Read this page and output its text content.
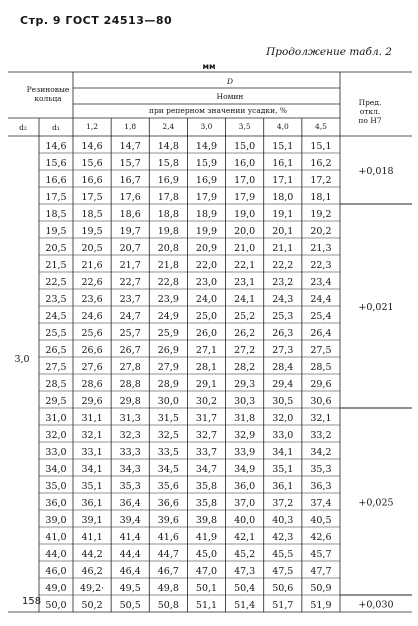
Стр. 9 ГОСТ 24513—80
Продолжение табл. 2
мм
Резиновые
кольца
d₂	d₁
D
Номин
при реперном значении усадки, %
Пред.
откл.
по H7
1,2	1,8	2,4	3,0	3,5	4,0	4,5
14,6 14,6 14,7 14,8 14,9 15,0 15,1 15,1
15,6 15,6 15,7 15,8 15,9 16,0 16,1 16,2
16,6 16,6 16,7 16,9 16,9 17,0 17,1 17,2
17,5 17,5 17,6 17,8 17,9 17,9 18,0 18,1
18,5 18,5 18,6 18,8 18,9 19,0 19,1 19,2
19,5 19,5 19,7 19,8 19,9 20,0 20,1 20,2
20,5 20,5 20,7 20,8 20,9 21,0 21,1 21,3
21,5 21,6 21,7 21,8 22,0 22,1 22,2 22,3
22,5 22,6 22,7 22,8 23,0 23,1 23,2 23,4
23,5 23,6 23,7 23,9 24,0 24,1 24,3 24,4
24,5 24,6 24,7 24,9 25,0 25,2 25,3 25,4
25,5 25,6 25,7 25,9 26,0 26,2 26,3 26,4
26,5 26,6 26,7 26,9 27,1 27,2 27,3 27,5
27,5 27,6 27,8 27,9 28,1 28,2 28,4 28,5
28,5 28,6 28,8 28,9 29,1 29,3 29,4 29,6
29,5 29,6 29,8 30,0 30,2 30,3 30,5 30,6
31,0 31,1 31,3 31,5 31,7 31,8 32,0 32,1
32,0 32,1 32,3 32,5 32,7 32,9 33,0 33,2
33,0 33,1 33,3 33,5 33,7 33,9 34,1 34,2
34,0 34,1 34,3 34,5 34,7 34,9 35,1 35,3
35,0 35,1 35,3 35,6 35,8 36,0 36,1 36,3
36,0 36,1 36,4 36,6 35,8 37,0 37,2 37,4
39,0 39,1 39,4 39,6 39,8 40,0 40,3 40,5
41,0 41,1 41,4 41,6 41,9 42,1 42,3 42,6
44,0 44,2 44,4 44,7 45,0 45,2 45,5 45,7
46,0 46,2 46,4 46,7 47,0 47,3 47,5 47,7
49,0 49,2· 49,5 49,8 50,1 50,4 50,6 50,9
50,0 50,2 50,5 50,8 51,1 51,4 51,7 51,9
3,0
+0,018
+0,021
+0,025
+0,030
158
